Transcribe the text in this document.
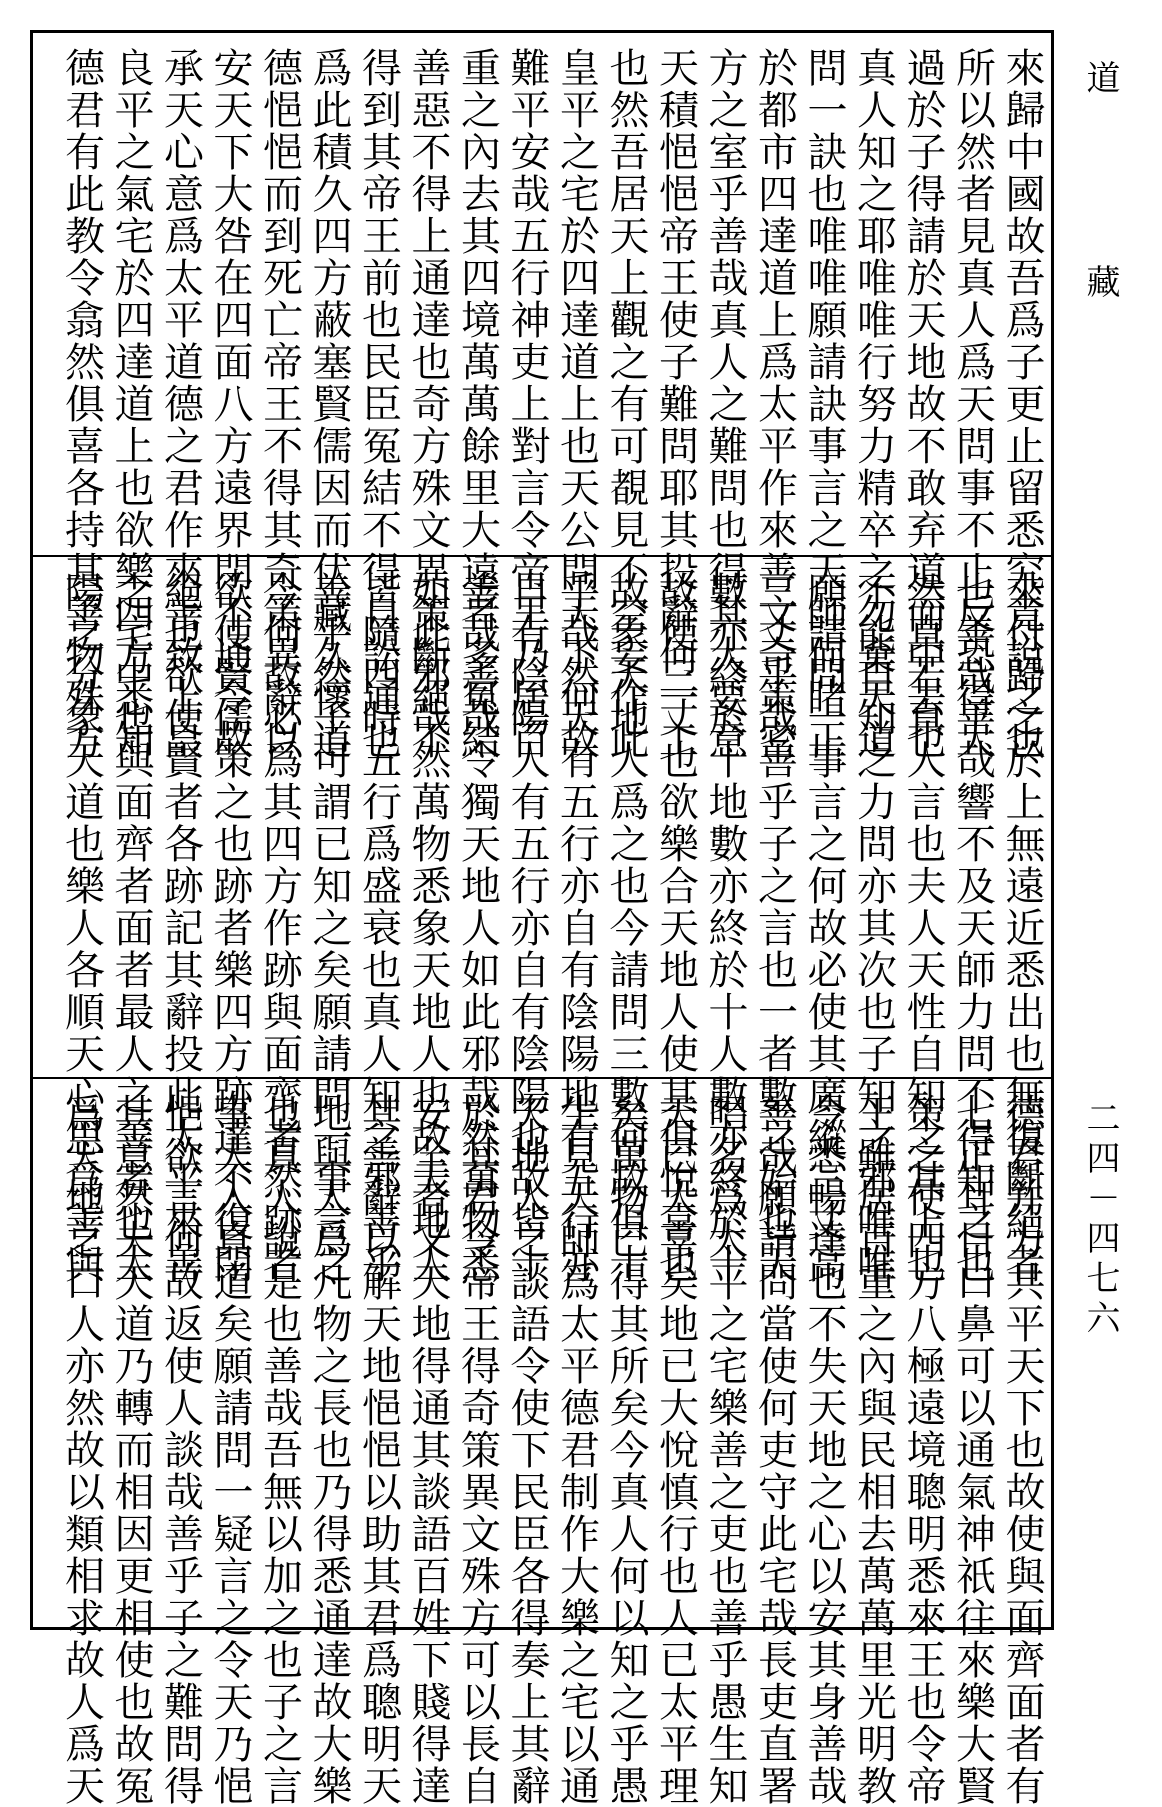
來歸中國故吾爲子更止留悉究竟說之也
所以然者見真人爲天問事不止反恐得大
過於子得請於天地故不敢弃道而中去也
真人知之耶唯唯行努力精卒之勿棄天道
問一訣也唯唯願請訣事言之天師何睹正
於都市四達道上爲太平作來善文奇策密
方之室乎善哉真人之難問也得其大要意
天積悒悒帝王使子難問耶其投辭何一工
也然吾居天上觀之有可覩見不空妄作此
皇平之宅於四達道上也天公問天下何故
難平安哉五行神吏上對言令帝王乃居百
重之內去其四境萬萬餘里大遠者多冤結
善惡不得上通達也奇方殊文異策斷絕不
得到其帝王前也民臣冤結不得自訟通也
爲此積久四方蔽塞賢儒因而伏藏久懷道
德悒悒而到死亡帝王不得其奇策異辭以
安天下大咎在四面八方遠界閉不通令故
承天心意爲太平道德之君作來善致上皇
良平之氣宅於四達道上也欲樂四方悉知
德君有此教令翕然俱喜各持其善物殊方
來付歸之於上無遠近悉出也無復斷絕者
也善哉善哉響不及天師力問不得知之也
然真若真人言也夫人天性自知之其上也
不能自知之力問亦其次也子知之邪唯唯
願請問一事言之何故必使其廣縱三丈高
三丈乎哉善乎子之言也一者數之始也天
數亦終於十地數亦終於十人數亦終於十
故使三丈也欲樂合天地人使其俱悅喜也
故象天地人爲之也今請問三數何故俱十
乎哉然天有五行亦自有陰陽地有五行亦
自有陰陽人有五行亦自有陰陽也故皆十
善哉善哉令獨天地人如此邪哉然萬物悉
如此邪哉然萬物悉象天地人也故天地人
皆隨四時五行爲盛衰也真人知之邪善乎
善乎然子可謂已知之矣願請問一事言之
今何故必爲其四方作跡與面齊者然跡者
欲使賢儒策之也跡者樂四方跡達不復閉
絕也欲使賢者各跡記其辭投此太平來善
之宅中也與面齊者面者最人之善者也太
陽之分象天道也樂人各順天心思爲善與
德君并力共平天下也故使與面齊面者有
七正耳目口鼻可以通氣神祇往來樂大賢
策之使四方八極遠境聰明悉來王也令帝
王雖居百重之內與民相去萬萬里光明教
令悉暢達也不失天地之心以安其身善哉
善哉願請問當使何吏守此宅哉長吏直署
唱名爲太平之宅樂善之吏也善乎愚生知
天已大喜矣地已大悅慎行也人已太平理
矣萬物已得其所矣今真人何以知之乎愚
生見天師爲太平德君制作大樂之宅以通
天地人之談語令使下民臣各得奏上其辭
於其君令帝王得奇策異文殊方可以長自
安全者又天地得通其談語百姓下賤得達
其善辭以解天地悒悒以助其君爲聰明天
地與人爲凡物之長也乃得悉通達故大樂
也真人說是也善哉吾無以加之也子之言
事大入真道矣願請問一疑言之令天乃悒
悒欲言何故返使人談哉善乎子之難問得
其意然夫天道乃轉而相因更相使也故冤
爲天地之口人亦然故以類相求故人爲天
道藏
二四－四七六
